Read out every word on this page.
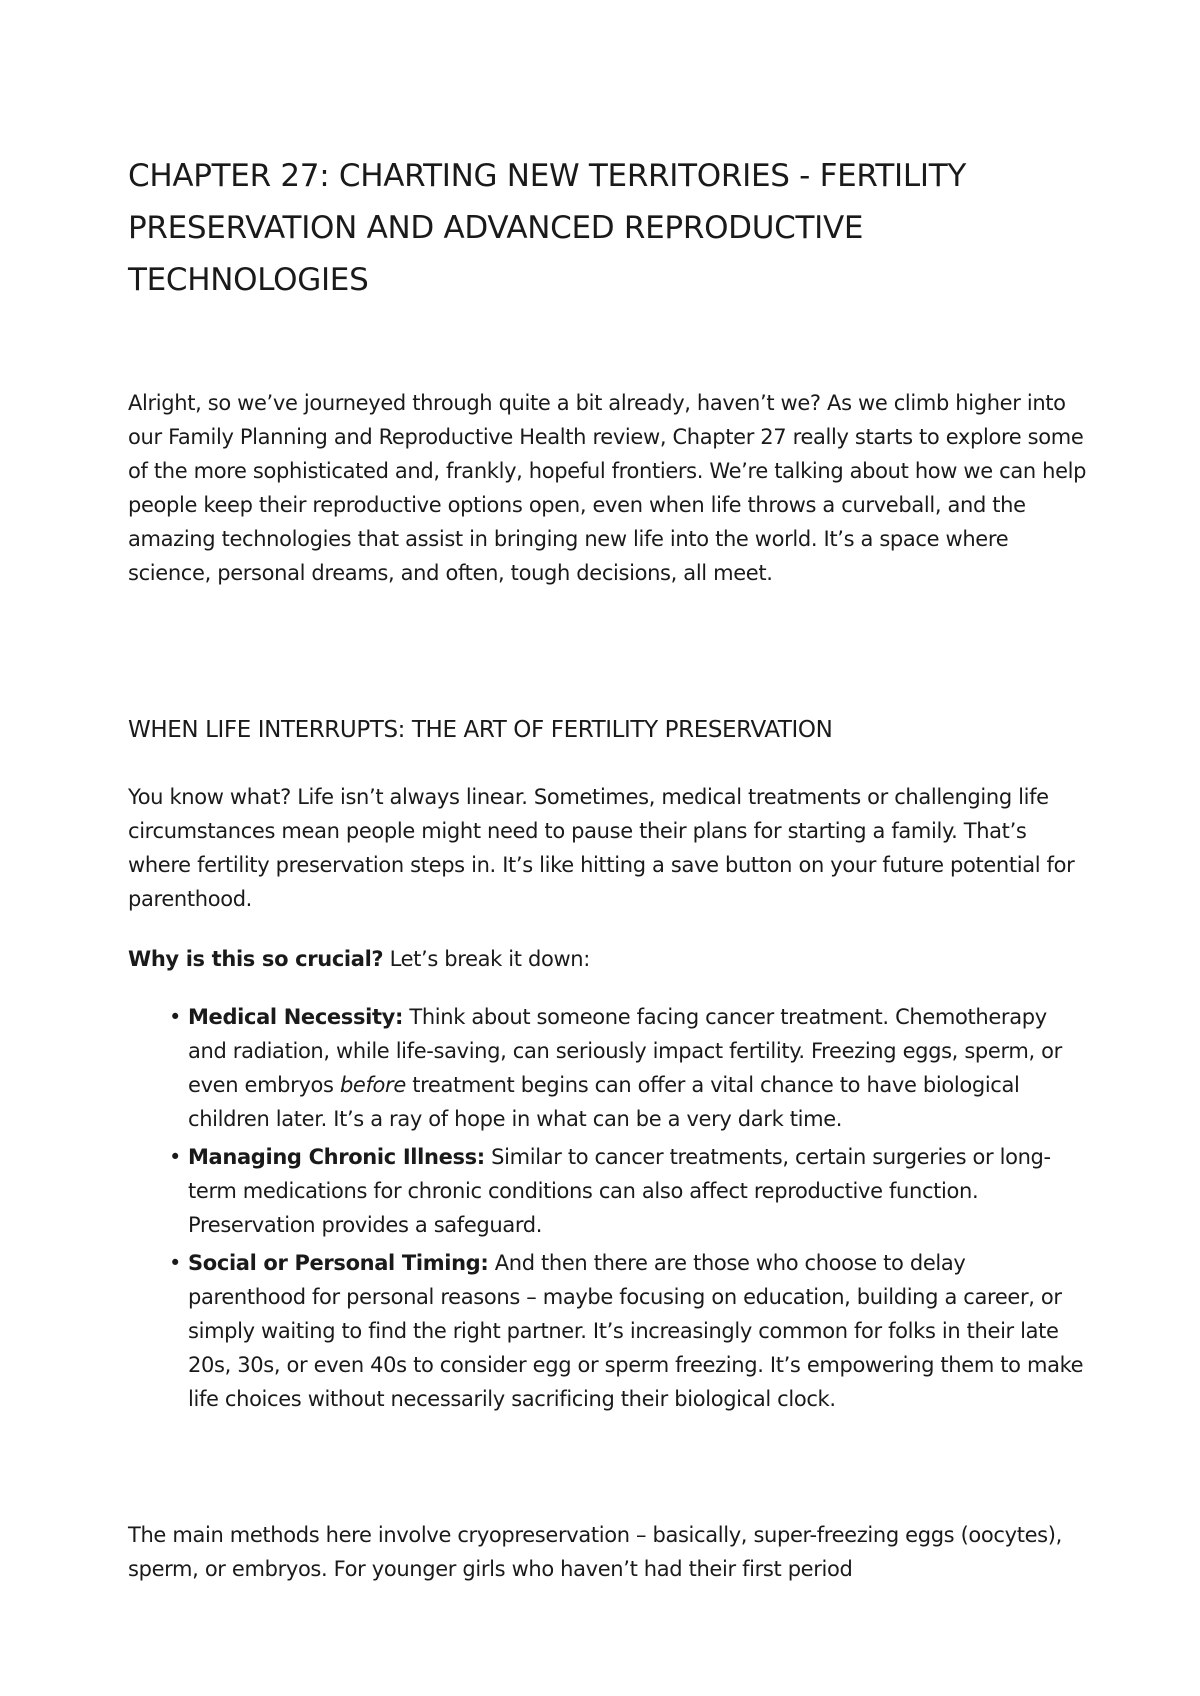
CHAPTER 27: CHARTING NEW TERRITORIES - FERTILITY PRESERVATION AND ADVANCED REPRODUCTIVE TECHNOLOGIES

Alright, so we’ve journeyed through quite a bit already, haven’t we? As we climb higher into our Family Planning and Reproductive Health review, Chapter 27 really starts to explore some of the more sophisticated and, frankly, hopeful frontiers. We’re talking about how we can help people keep their reproductive options open, even when life throws a curveball, and the amazing technologies that assist in bringing new life into the world. It’s a space where science, personal dreams, and often, tough decisions, all meet.

WHEN LIFE INTERRUPTS: THE ART OF FERTILITY PRESERVATION

You know what? Life isn’t always linear. Sometimes, medical treatments or challenging life circumstances mean people might need to pause their plans for starting a family. That’s where fertility preservation steps in. It’s like hitting a save button on your future potential for parenthood.

Why is this so crucial? Let’s break it down:

• Medical Necessity: Think about someone facing cancer treatment. Chemotherapy and radiation, while life-saving, can seriously impact fertility. Freezing eggs, sperm, or even embryos before treatment begins can offer a vital chance to have biological children later. It’s a ray of hope in what can be a very dark time.
• Managing Chronic Illness: Similar to cancer treatments, certain surgeries or long-term medications for chronic conditions can also affect reproductive function. Preservation provides a safeguard.
• Social or Personal Timing: And then there are those who choose to delay parenthood for personal reasons – maybe focusing on education, building a career, or simply waiting to find the right partner. It’s increasingly common for folks in their late 20s, 30s, or even 40s to consider egg or sperm freezing. It’s empowering them to make life choices without necessarily sacrificing their biological clock.

The main methods here involve cryopreservation – basically, super-freezing eggs (oocytes), sperm, or embryos. For younger girls who haven’t had their first period
